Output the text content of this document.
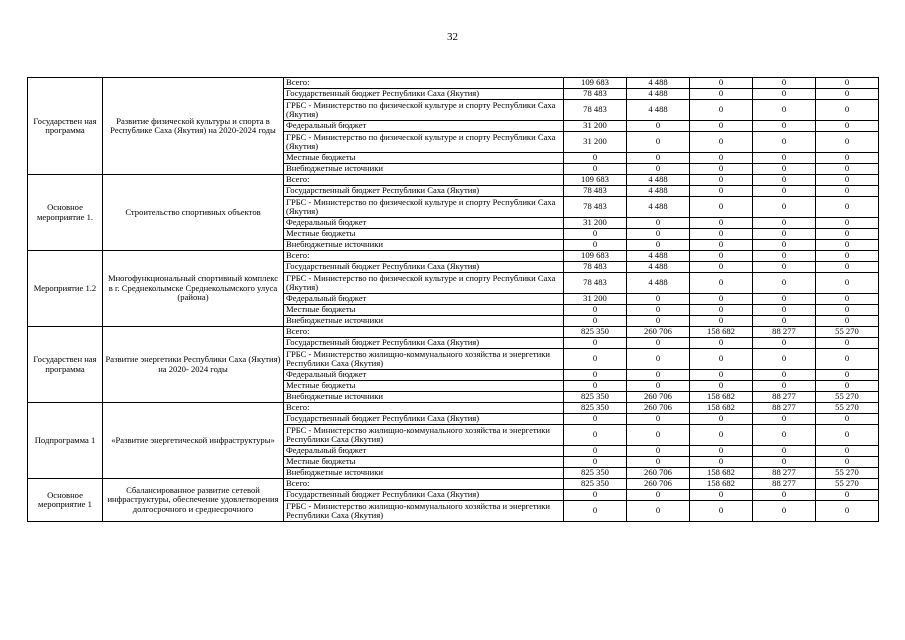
32
Государствен ная программа	Развитие физической культуры и спорта в Республике Саха (Якутия) на 2020-2024 годы	Всего:	109 683	4 488	0	0	0
		Государственный бюджет Республики Саха (Якутия)	78 483	4 488	0	0	0
		ГРБС - Министерство по физической культуре и спорту Республики Саха (Якутия)	78 483	4 488	0	0	0
		Федеральный бюджет	31 200	0	0	0	0
		ГРБС - Министерство по физической культуре и спорту Республики Саха (Якутия)	31 200	0	0	0	0
		Местные бюджеты	0	0	0	0	0
		Внебюджетные источники	0	0	0	0	0
Основное мероприятие 1.	Строительство спортивных объектов	Всего:	109 683	4 488	0	0	0
		Государственный бюджет Республики Саха (Якутия)	78 483	4 488	0	0	0
		ГРБС - Министерство по физической культуре и спорту Республики Саха (Якутия)	78 483	4 488	0	0	0
		Федеральный бюджет	31 200	0	0	0	0
		Местные бюджеты	0	0	0	0	0
		Внебюджетные источники	0	0	0	0	0
Мероприятие 1.2	Многофункциональный спортивный комплекс в г. Среднеколымске Среднеколымского улуса (района)	Всего:	109 683	4 488	0	0	0
		Государственный бюджет Республики Саха (Якутия)	78 483	4 488	0	0	0
		ГРБС - Министерство по физической культуре и спорту Республики Саха (Якутия)	78 483	4 488	0	0	0
		Федеральный бюджет	31 200	0	0	0	0
		Местные бюджеты	0	0	0	0	0
		Внебюджетные источники	0	0	0	0	0
Государствен ная программа	Развитие энергетики Республики Саха (Якутия) на 2020- 2024 годы	Всего:	825 350	260 706	158 682	88 277	55 270
		Государственный бюджет Республики Саха (Якутия)	0	0	0	0	0
		ГРБС - Министерство жилищно-коммунального хозяйства и энергетики Республики Саха (Якутия)	0	0	0	0	0
		Федеральный бюджет	0	0	0	0	0
		Местные бюджеты	0	0	0	0	0
		Внебюджетные источники	825 350	260 706	158 682	88 277	55 270
Подпрограмма 1	«Развитие энергетической инфраструктуры»	Всего:	825 350	260 706	158 682	88 277	55 270
		Государственный бюджет Республики Саха (Якутия)	0	0	0	0	0
		ГРБС - Министерство жилищно-коммунального хозяйства и энергетики Республики Саха (Якутия)	0	0	0	0	0
		Федеральный бюджет	0	0	0	0	0
		Местные бюджеты	0	0	0	0	0
		Внебюджетные источники	825 350	260 706	158 682	88 277	55 270
Основное мероприятие 1	Сбалансированное развитие сетевой инфраструктуры, обеспечение удовлетворения долгосрочного и среднесрочного	Всего:	825 350	260 706	158 682	88 277	55 270
		Государственный бюджет Республики Саха (Якутия)	0	0	0	0	0
		ГРБС - Министерство жилищно-коммунального хозяйства и энергетики Республики Саха (Якутия)	0	0	0	0	0
